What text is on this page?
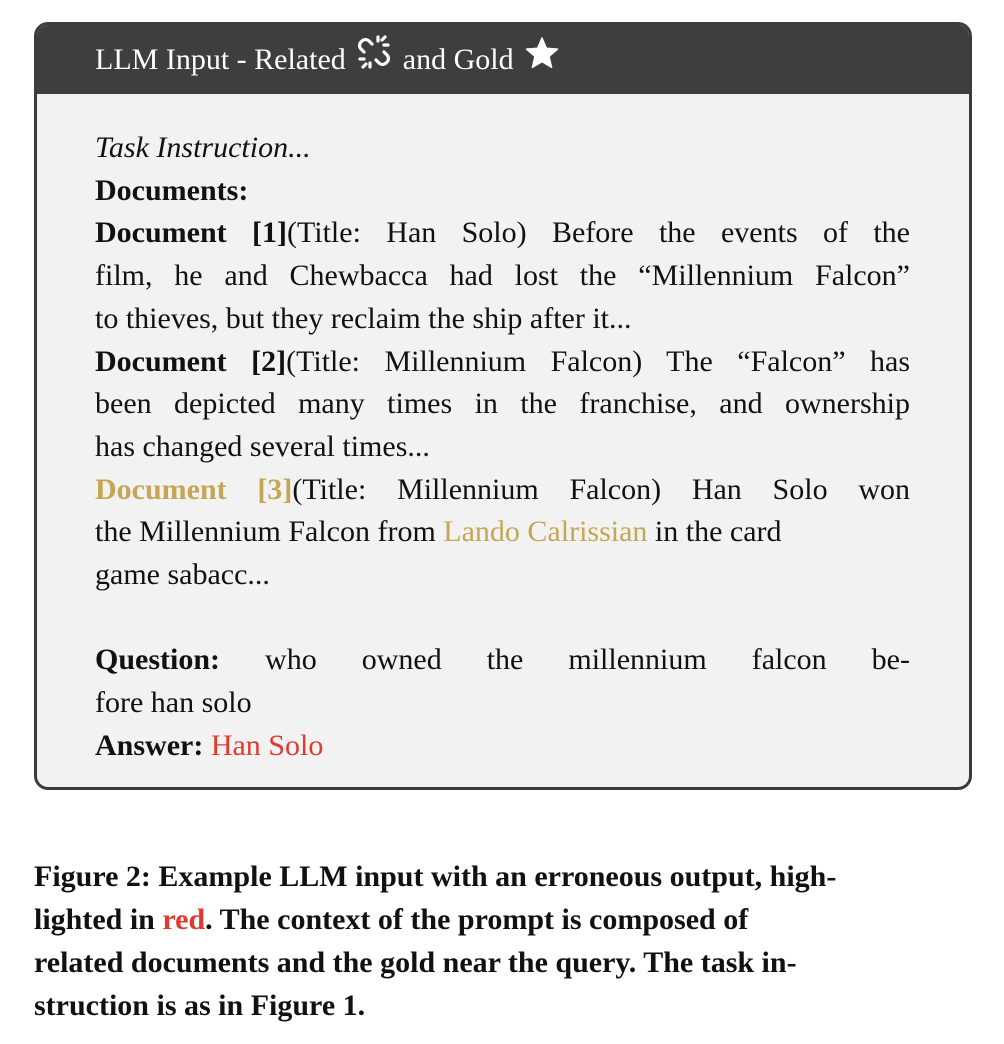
LLM Input - Related and Gold
Task Instruction...
Documents:
Document [1](Title: Han Solo) Before the events of the
film, he and Chewbacca had lost the “Millennium Falcon”
to thieves, but they reclaim the ship after it...
Document [2](Title: Millennium Falcon) The “Falcon” has
been depicted many times in the franchise, and ownership
has changed several times...
Document [3](Title: Millennium Falcon) Han Solo won
the Millennium Falcon from Lando Calrissian in the card
game sabacc...
Question: who owned the millennium falcon be-
fore han solo
Answer: Han Solo
Figure 2: Example LLM input with an erroneous output, high-
lighted in red. The context of the prompt is composed of
related documents and the gold near the query. The task in-
struction is as in Figure 1.
